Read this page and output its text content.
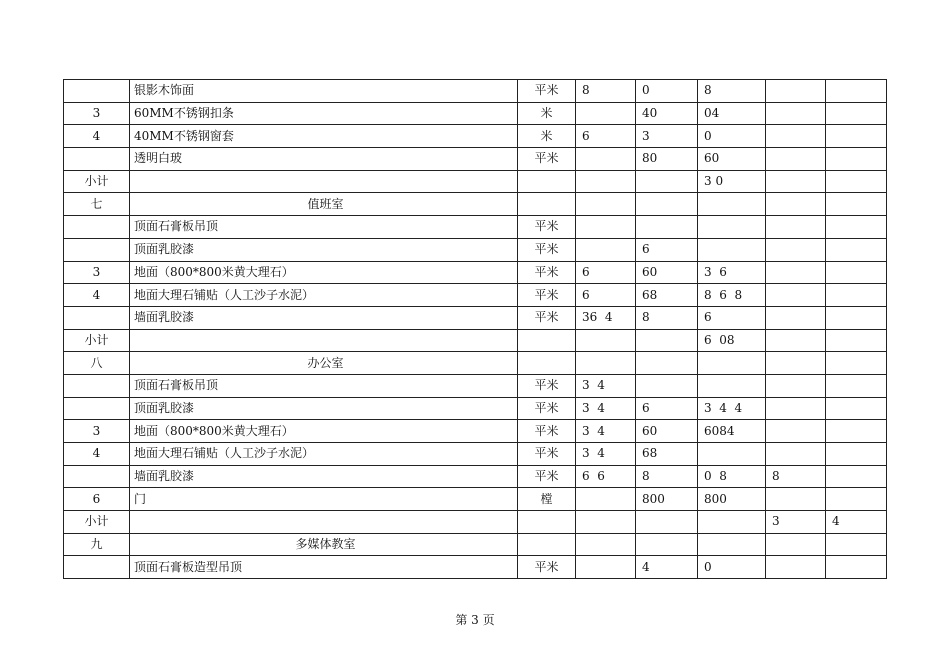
	银影木饰面	平米	8	0	8		
3	60MM不锈钢扣条	米		40	04		
4	40MM不锈钢窗套	米	6	3	0		
	透明白玻	平米		80	60		
小计					3 0		
七	值班室						
	顶面石膏板吊顶	平米					
	顶面乳胶漆	平米		6			
3	地面（800*800米黄大理石）	平米	6	60	3  6		
4	地面大理石铺贴（人工沙子水泥）	平米	6	68	8  6  8		
	墙面乳胶漆	平米	36  4	8	6		
小计					6  08		
八	办公室						
	顶面石膏板吊顶	平米	3  4				
	顶面乳胶漆	平米	3  4	6	3  4  4		
3	地面（800*800米黄大理石）	平米	3  4	60	6084		
4	地面大理石铺贴（人工沙子水泥）	平米	3  4	68			
	墙面乳胶漆	平米	6  6	8	0  8	8	
6	门	樘		800	800		
小计						3	4
九	多媒体教室						
	顶面石膏板造型吊顶	平米		4	0		
第 3 页
